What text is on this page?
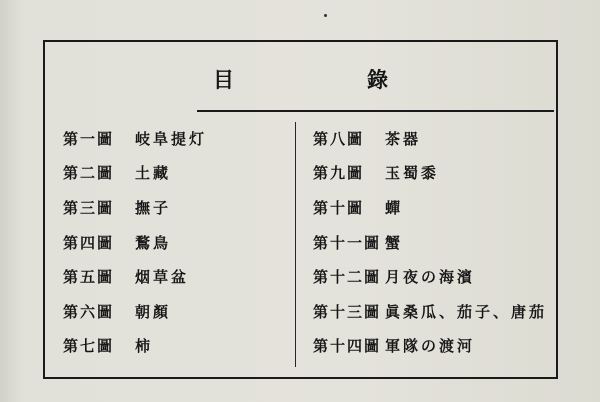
目　錄
第一圖	岐阜提灯
第二圖	土藏
第三圖	撫子
第四圖	鶩鳥
第五圖	烟草盆
第六圖	朝顏
第七圖	柿
第八圖	茶器
第九圖	玉蜀黍
第十圖	蟬
第十一圖 蟹
第十二圖 月夜の海濱
第十三圖 眞桑瓜、茄子、唐茄
第十四圖 軍隊の渡河
